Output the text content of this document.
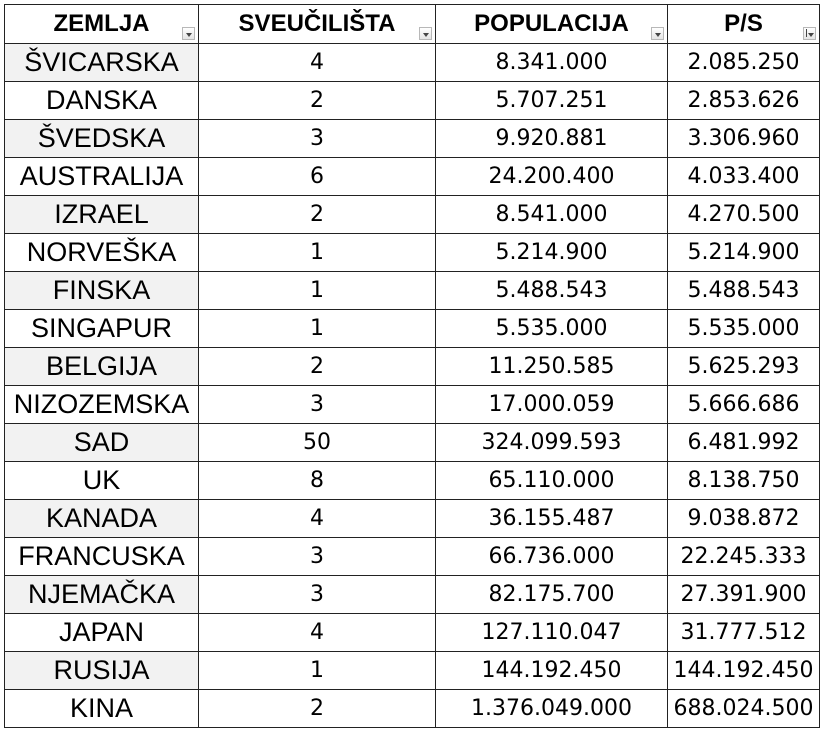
ZEMLJA	SVEUČILIŠTA	POPULACIJA	P/S

ŠVICARSKA	4	8.341.000	2.085.250
DANSKA	2	5.707.251	2.853.626
ŠVEDSKA	3	9.920.881	3.306.960
AUSTRALIJA	6	24.200.400	4.033.400
IZRAEL	2	8.541.000	4.270.500
NORVEŠKA	1	5.214.900	5.214.900
FINSKA	1	5.488.543	5.488.543
SINGAPUR	1	5.535.000	5.535.000
BELGIJA	2	11.250.585	5.625.293
NIZOZEMSKA	3	17.000.059	5.666.686
SAD	50	324.099.593	6.481.992
UK	8	65.110.000	8.138.750
KANADA	4	36.155.487	9.038.872
FRANCUSKA	3	66.736.000	22.245.333
NJEMAČKA	3	82.175.700	27.391.900
JAPAN	4	127.110.047	31.777.512
RUSIJA	1	144.192.450	144.192.450
KINA	2	1.376.049.000	688.024.500
